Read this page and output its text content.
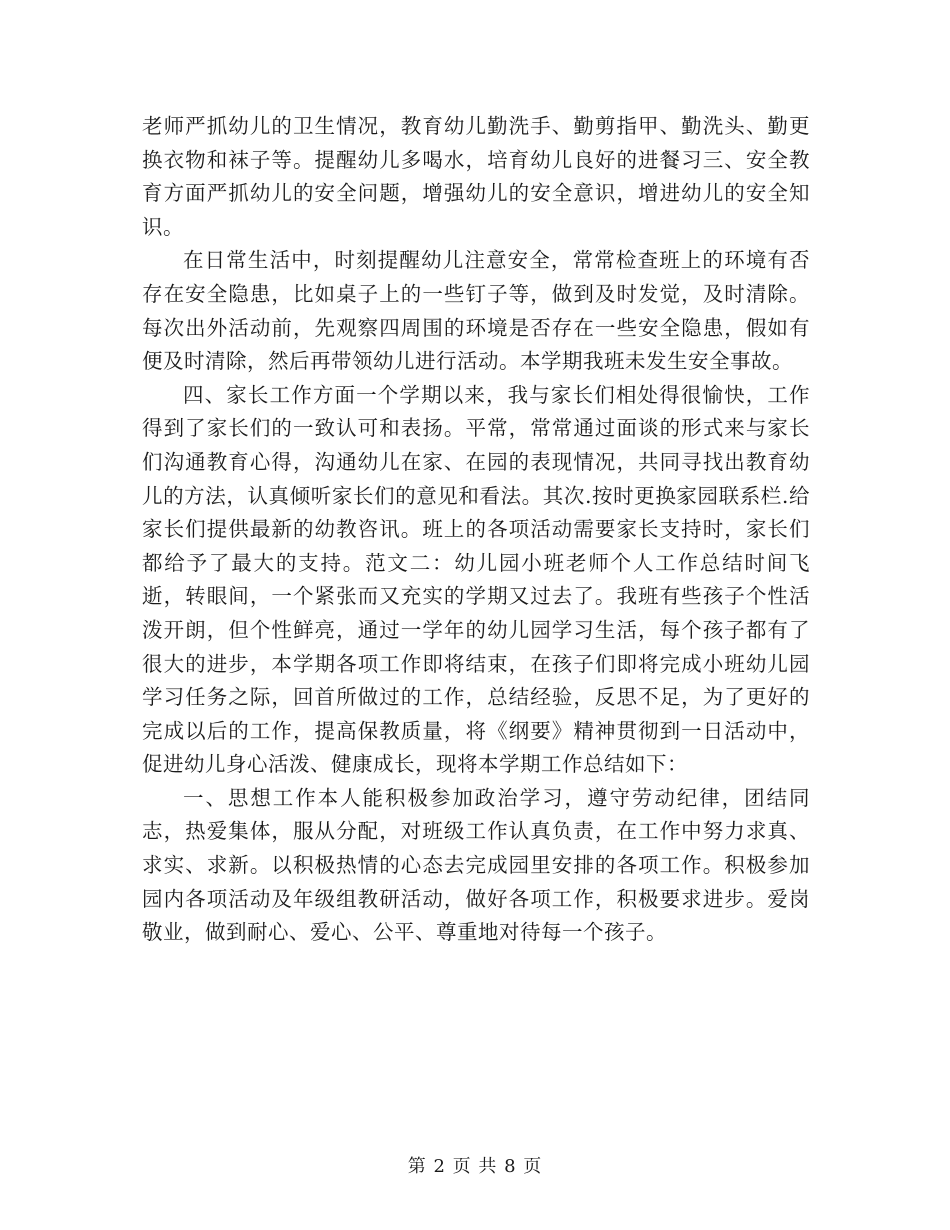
老师严抓幼儿的卫生情况，教育幼儿勤洗手、勤剪指甲、勤洗头、勤更换衣物和袜子等。提醒幼儿多喝水，培育幼儿良好的进餐习三、安全教育方面严抓幼儿的安全问题，增强幼儿的安全意识，增进幼儿的安全知识。

在日常生活中，时刻提醒幼儿注意安全，常常检查班上的环境有否存在安全隐患，比如桌子上的一些钉子等，做到及时发觉，及时清除。每次出外活动前，先观察四周围的环境是否存在一些安全隐患，假如有便及时清除，然后再带领幼儿进行活动。本学期我班未发生安全事故。

四、家长工作方面一个学期以来，我与家长们相处得很愉快，工作得到了家长们的一致认可和表扬。平常，常常通过面谈的形式来与家长们沟通教育心得，沟通幼儿在家、在园的表现情况，共同寻找出教育幼儿的方法，认真倾听家长们的意见和看法。其次.按时更换家园联系栏.给家长们提供最新的幼教咨讯。班上的各项活动需要家长支持时，家长们都给予了最大的支持。范文二：幼儿园小班老师个人工作总结时间飞逝，转眼间，一个紧张而又充实的学期又过去了。我班有些孩子个性活泼开朗，但个性鲜亮，通过一学年的幼儿园学习生活，每个孩子都有了很大的进步，本学期各项工作即将结束，在孩子们即将完成小班幼儿园学习任务之际，回首所做过的工作，总结经验，反思不足，为了更好的完成以后的工作，提高保教质量，将《纲要》精神贯彻到一日活动中，促进幼儿身心活泼、健康成长，现将本学期工作总结如下：

一、思想工作本人能积极参加政治学习，遵守劳动纪律，团结同志，热爱集体，服从分配，对班级工作认真负责，在工作中努力求真、求实、求新。以积极热情的心态去完成园里安排的各项工作。积极参加园内各项活动及年级组教研活动，做好各项工作，积极要求进步。爱岗敬业，做到耐心、爱心、公平、尊重地对待每一个孩子。

第 2 页 共 8 页
